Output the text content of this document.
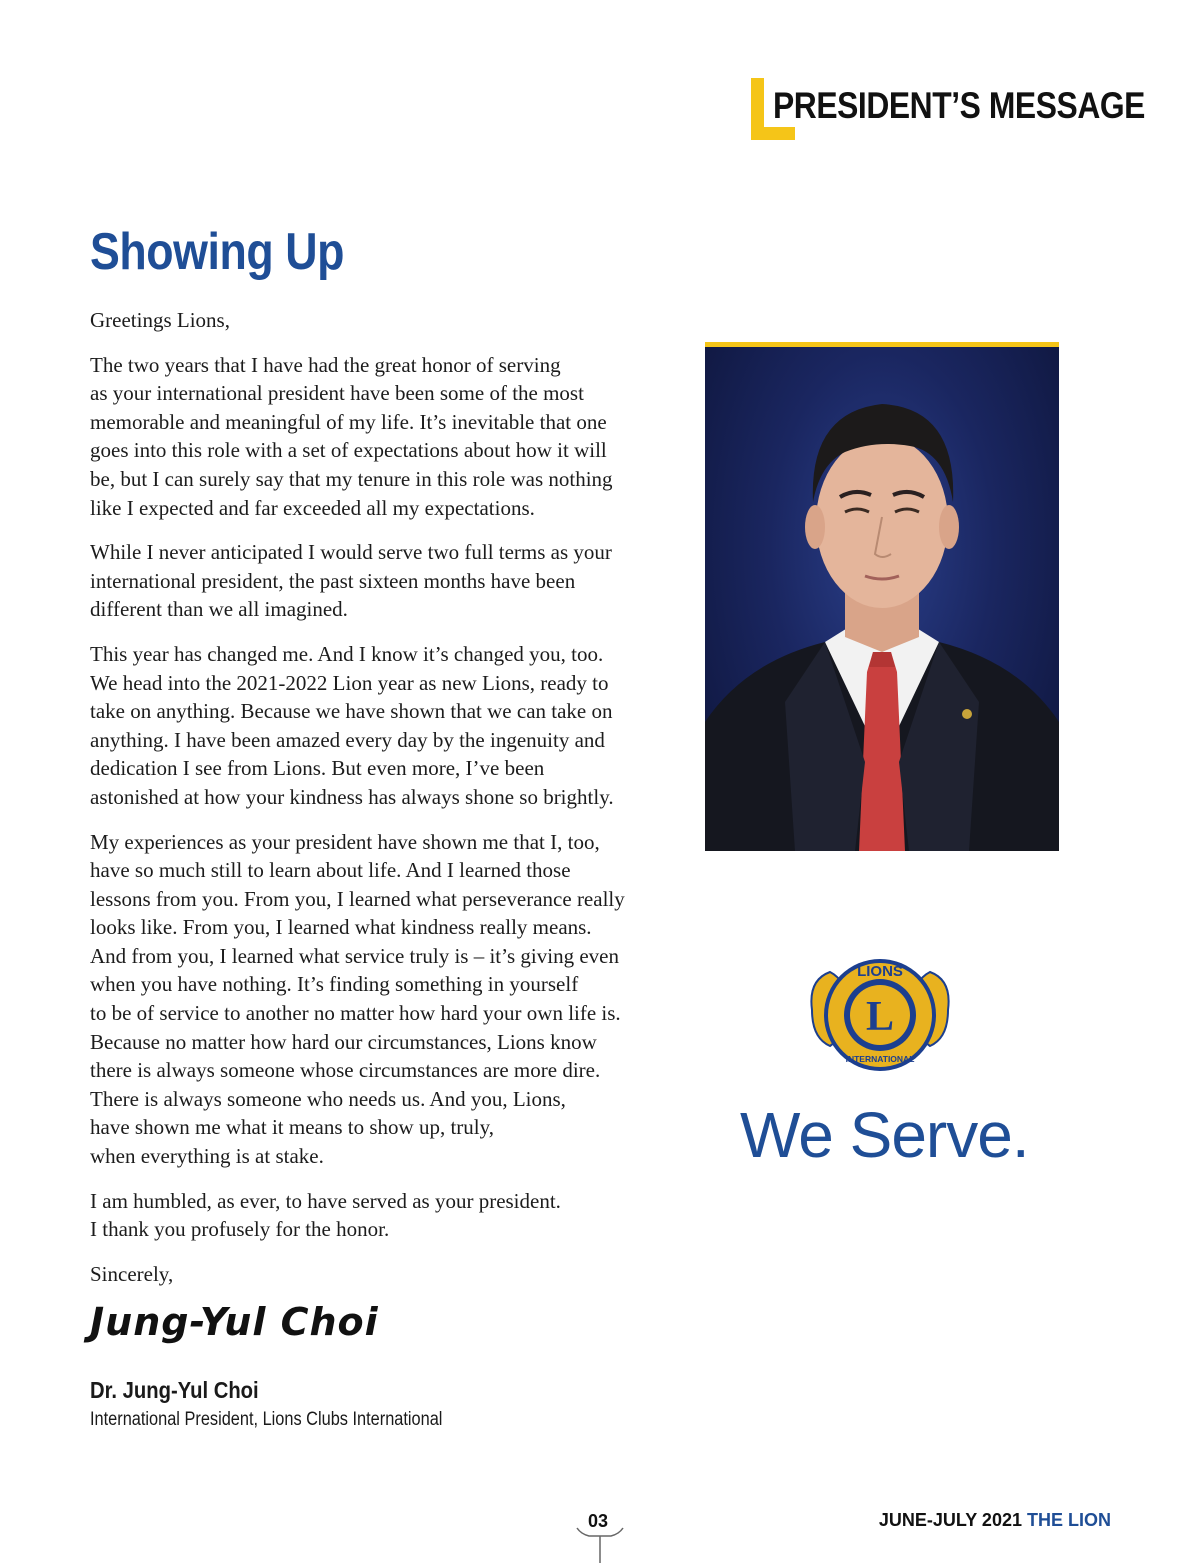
PRESIDENT’S MESSAGE
Showing Up

Greetings Lions,

The two years that I have had the great honor of serving
as your international president have been some of the most
memorable and meaningful of my life. It’s inevitable that one
goes into this role with a set of expectations about how it will
be, but I can surely say that my tenure in this role was nothing
like I expected and far exceeded all my expectations.

While I never anticipated I would serve two full terms as your
international president, the past sixteen months have been
different than we all imagined.

This year has changed me. And I know it’s changed you, too.
We head into the 2021-2022 Lion year as new Lions, ready to
take on anything. Because we have shown that we can take on
anything. I have been amazed every day by the ingenuity and
dedication I see from Lions. But even more, I’ve been
astonished at how your kindness has always shone so brightly.

My experiences as your president have shown me that I, too,
have so much still to learn about life. And I learned those
lessons from you. From you, I learned what perseverance really
looks like. From you, I learned what kindness really means.
And from you, I learned what service truly is – it’s giving even
when you have nothing. It’s finding something in yourself
to be of service to another no matter how hard your own life is.
Because no matter how hard our circumstances, Lions know
there is always someone whose circumstances are more dire.
There is always someone who needs us. And you, Lions,
have shown me what it means to show up, truly,
when everything is at stake.

I am humbled, as ever, to have served as your president.
I thank you profusely for the honor.

Sincerely,

Jung-Yul Choi
Dr. Jung-Yul Choi
International President, Lions Clubs International
LIONS
L
INTERNATIONAL
We Serve.
03	JUNE-JULY 2021 THE LION
